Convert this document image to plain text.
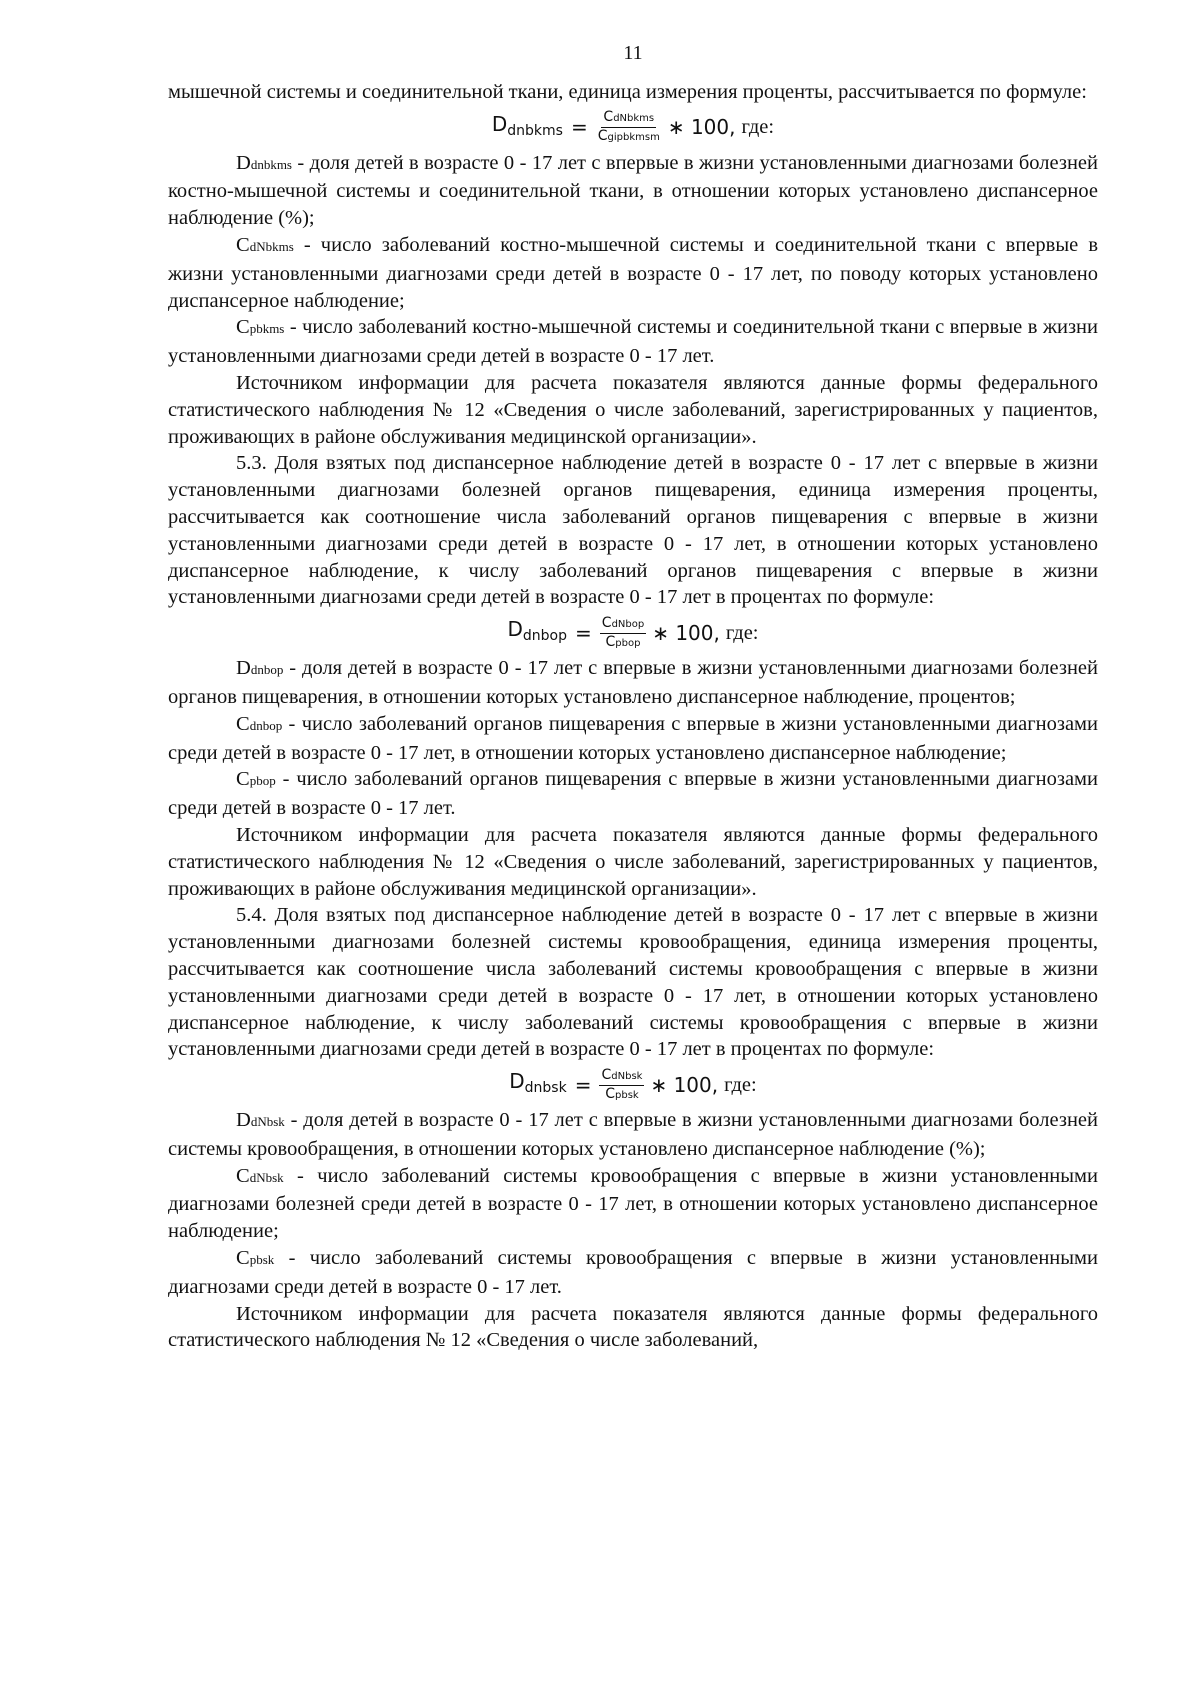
11

мышечной системы и соединительной ткани, единица измерения проценты, рассчитывается по формуле:

$D_{dnbkms} = \frac{\text{CdNbkms}}{\text{Cgipbkmsm}}$ ∗ 100, где:

Ddnbkms - доля детей в возрасте 0 - 17 лет с впервые в жизни установленными диагнозами болезней костно-мышечной системы и соединительной ткани, в отношении которых установлено диспансерное наблюдение (%);

CdNbkms - число заболеваний костно-мышечной системы и соединительной ткани с впервые в жизни установленными диагнозами среди детей в возрасте 0 - 17 лет, по поводу которых установлено диспансерное наблюдение;

Cpbkms - число заболеваний костно-мышечной системы и соединительной ткани с впервые в жизни установленными диагнозами среди детей в возрасте 0 - 17 лет.

Источником информации для расчета показателя являются данные формы федерального статистического наблюдения № 12 «Сведения о числе заболеваний, зарегистрированных у пациентов, проживающих в районе обслуживания медицинской организации».

5.3. Доля взятых под диспансерное наблюдение детей в возрасте 0 - 17 лет с впервые в жизни установленными диагнозами болезней органов пищеварения, единица измерения проценты, рассчитывается как соотношение числа заболеваний органов пищеварения с впервые в жизни установленными диагнозами среди детей в возрасте 0 - 17 лет, в отношении которых установлено диспансерное наблюдение, к числу заболеваний органов пищеварения с впервые в жизни установленными диагнозами среди детей в возрасте 0 - 17 лет в процентах по формуле:

$D_{dnbop} = \frac{\text{CdNbop}}{\text{Cpbop}}$ ∗ 100, где:

Ddnbop - доля детей в возрасте 0 - 17 лет с впервые в жизни установленными диагнозами болезней органов пищеварения, в отношении которых установлено диспансерное наблюдение, процентов;

Cdnbop - число заболеваний органов пищеварения с впервые в жизни установленными диагнозами среди детей в возрасте 0 - 17 лет, в отношении которых установлено диспансерное наблюдение;

Cpbop - число заболеваний органов пищеварения с впервые в жизни установленными диагнозами среди детей в возрасте 0 - 17 лет.

Источником информации для расчета показателя являются данные формы федерального статистического наблюдения № 12 «Сведения о числе заболеваний, зарегистрированных у пациентов, проживающих в районе обслуживания медицинской организации».

5.4. Доля взятых под диспансерное наблюдение детей в возрасте 0 - 17 лет с впервые в жизни установленными диагнозами болезней системы кровообращения, единица измерения проценты, рассчитывается как соотношение числа заболеваний системы кровообращения с впервые в жизни установленными диагнозами среди детей в возрасте 0 - 17 лет, в отношении которых установлено диспансерное наблюдение, к числу заболеваний системы кровообращения с впервые в жизни установленными диагнозами среди детей в возрасте 0 - 17 лет в процентах по формуле:

$D_{dnbsk} = \frac{\text{CdNbsk}}{\text{Cpbsk}}$ ∗ 100, где:

DdNbsk - доля детей в возрасте 0 - 17 лет с впервые в жизни установленными диагнозами болезней системы кровообращения, в отношении которых установлено диспансерное наблюдение (%);

CdNbsk - число заболеваний системы кровообращения с впервые в жизни установленными диагнозами болезней среди детей в возрасте 0 - 17 лет, в отношении которых установлено диспансерное наблюдение;

Cpbsk - число заболеваний системы кровообращения с впервые в жизни установленными диагнозами среди детей в возрасте 0 - 17 лет.

Источником информации для расчета показателя являются данные формы федерального статистического наблюдения № 12 «Сведения о числе заболеваний,
